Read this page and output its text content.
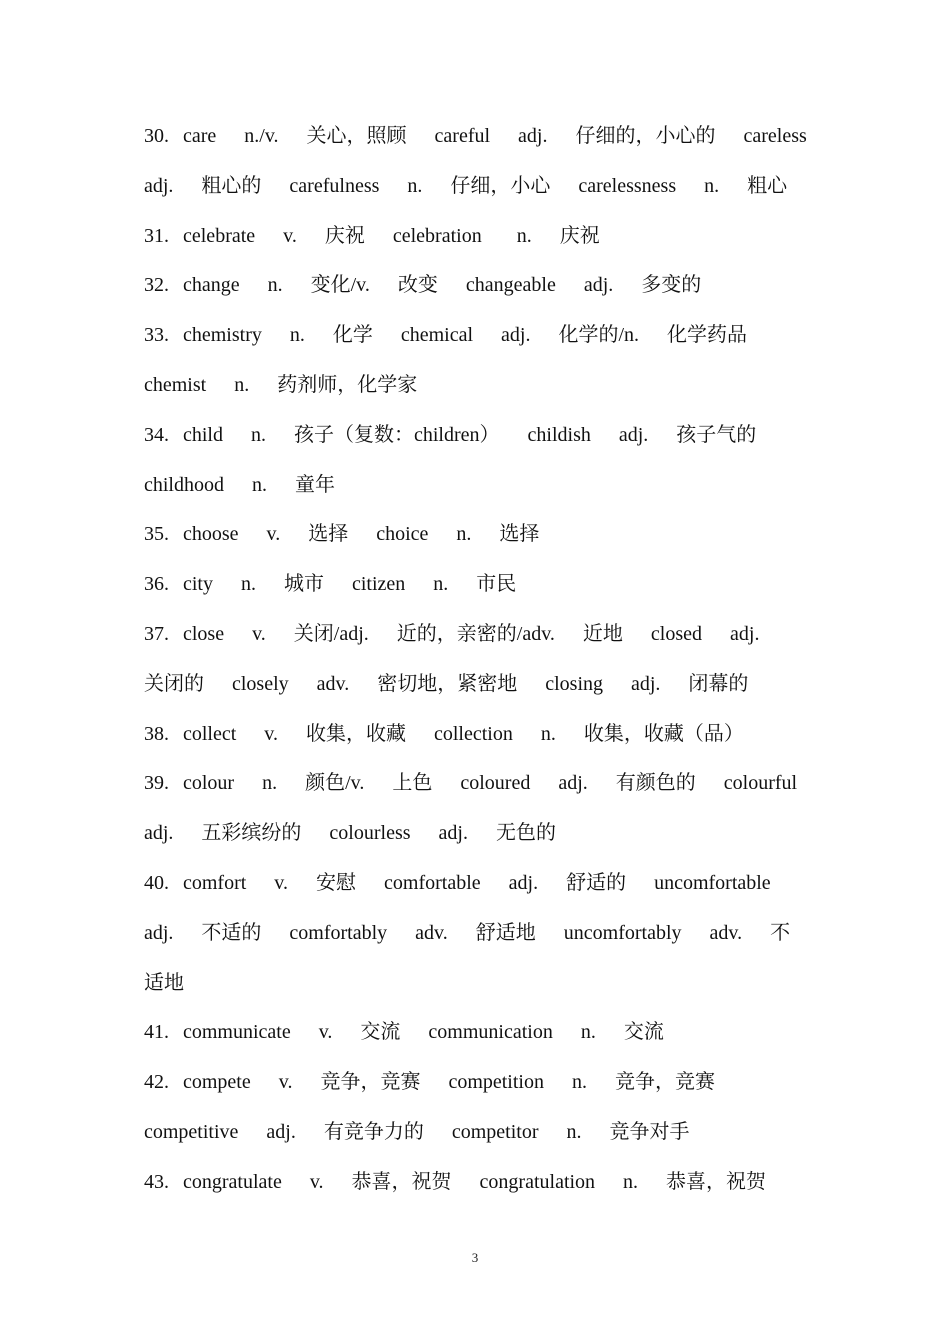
30.  care    n./v.    关心，照顾    careful    adj.    仔细的，小心的    careless
adj.    粗心的    carefulness    n.    仔细，小心    carelessness    n.    粗心
31.  celebrate    v.    庆祝    celebration     n.    庆祝
32.  change    n.    变化/v.    改变    changeable    adj.    多变的
33.  chemistry    n.    化学    chemical    adj.    化学的/n.    化学药品
chemist    n.    药剂师，化学家
34.  child    n.    孩子（复数：children）    childish    adj.    孩子气的
childhood    n.    童年
35.  choose    v.    选择    choice    n.    选择
36.  city    n.    城市    citizen    n.    市民
37.  close    v.    关闭/adj.    近的，亲密的/adv.    近地    closed    adj.
关闭的    closely    adv.    密切地，紧密地    closing    adj.    闭幕的
38.  collect    v.    收集，收藏    collection    n.    收集，收藏（品）
39.  colour    n.    颜色/v.    上色    coloured    adj.    有颜色的    colourful
adj.    五彩缤纷的    colourless    adj.    无色的
40.  comfort    v.    安慰    comfortable    adj.    舒适的    uncomfortable
adj.    不适的    comfortably    adv.    舒适地    uncomfortably    adv.    不
适地
41.  communicate    v.    交流    communication    n.    交流
42.  compete    v.    竞争，竞赛    competition    n.    竞争，竞赛
competitive    adj.    有竞争力的    competitor    n.    竞争对手
43.  congratulate    v.    恭喜，祝贺    congratulation    n.    恭喜，祝贺
3
